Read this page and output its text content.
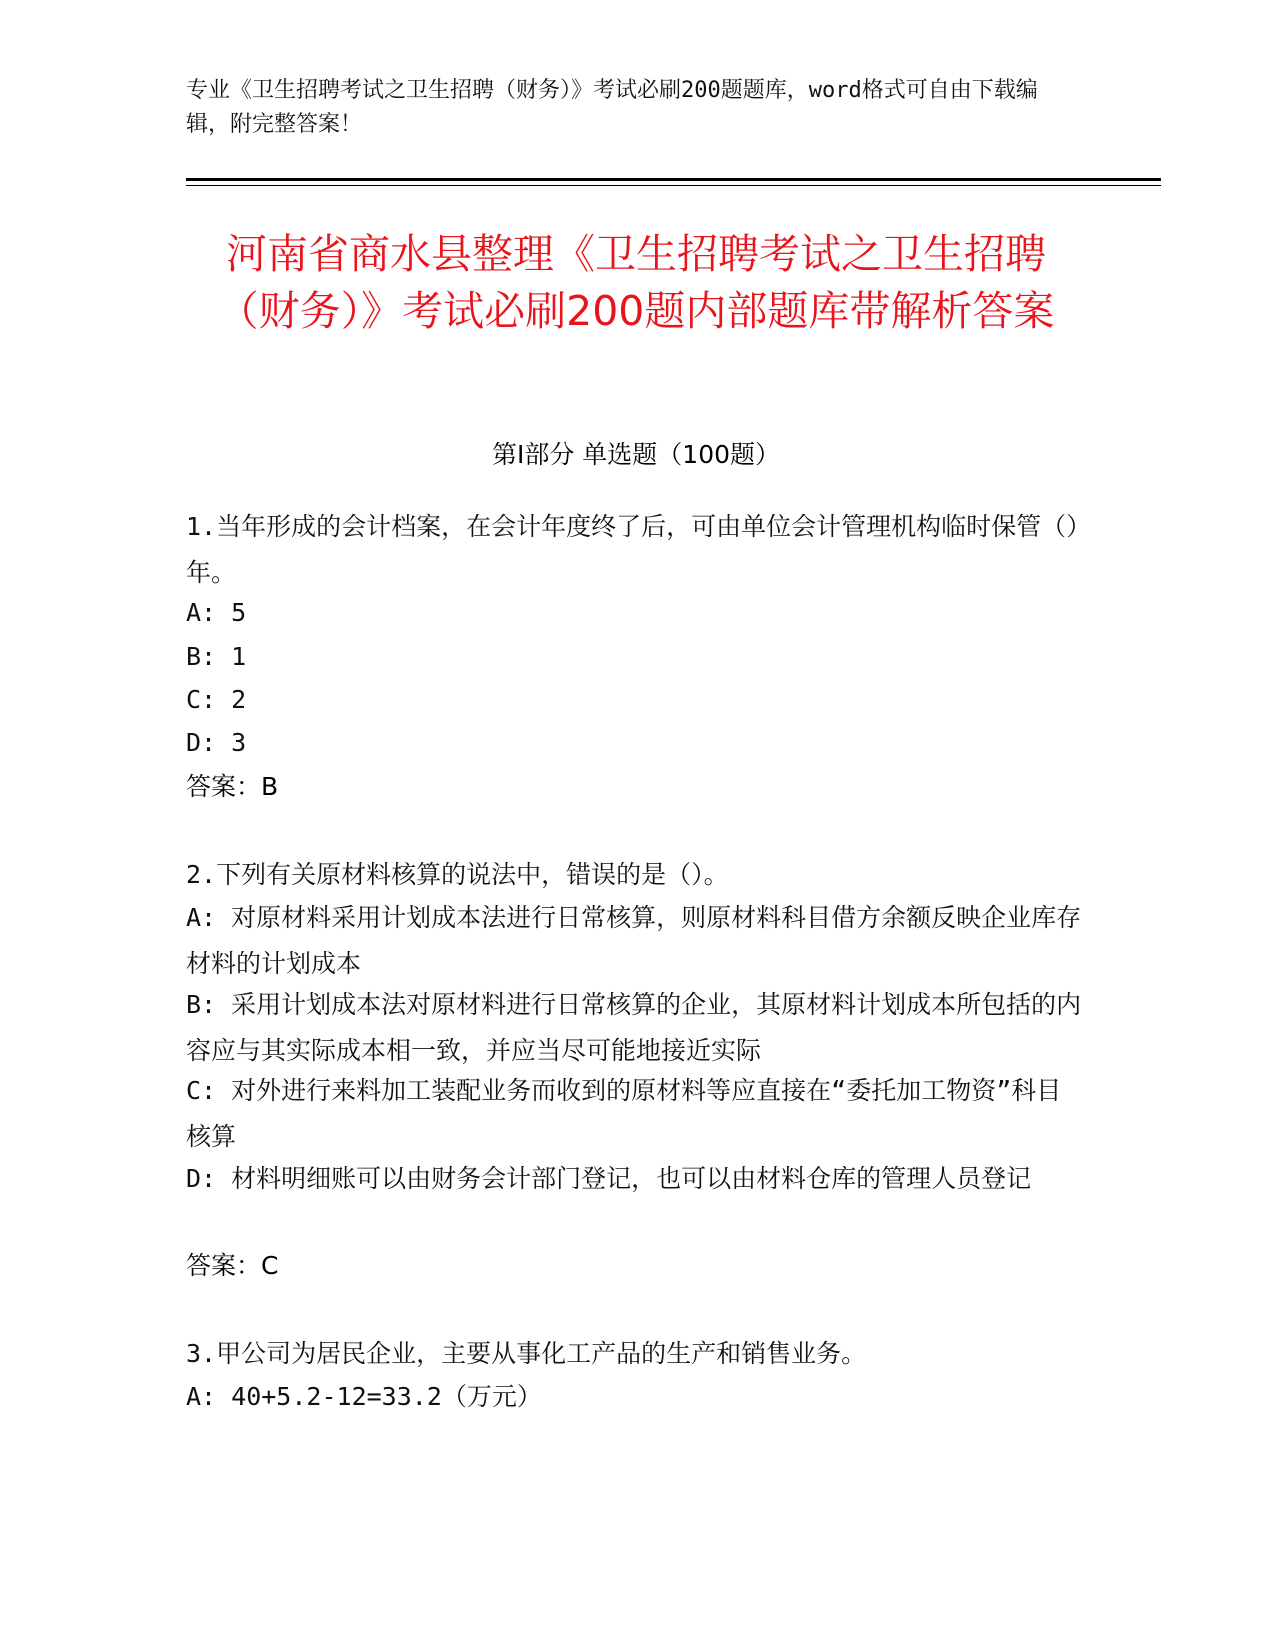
专业《卫生招聘考试之卫生招聘（财务）》考试必刷200题题库，word格式可自由下载编辑，附完整答案！
河南省商水县整理《卫生招聘考试之卫生招聘（财务）》考试必刷200题内部题库带解析答案
第Ⅰ部分 单选题（100题）
1.当年形成的会计档案，在会计年度终了后，可由单位会计管理机构临时保管（）年。
A: 5
B: 1
C: 2
D: 3
答案：B
2.下列有关原材料核算的说法中，错误的是（）。
A: 对原材料采用计划成本法进行日常核算，则原材料科目借方余额反映企业库存材料的计划成本
B: 采用计划成本法对原材料进行日常核算的企业，其原材料计划成本所包括的内容应与其实际成本相一致，并应当尽可能地接近实际
C: 对外进行来料加工装配业务而收到的原材料等应直接在“委托加工物资”科目核算
D: 材料明细账可以由财务会计部门登记，也可以由材料仓库的管理人员登记
答案：C
3.甲公司为居民企业，主要从事化工产品的生产和销售业务。
A: 40+5.2-12=33.2（万元）
